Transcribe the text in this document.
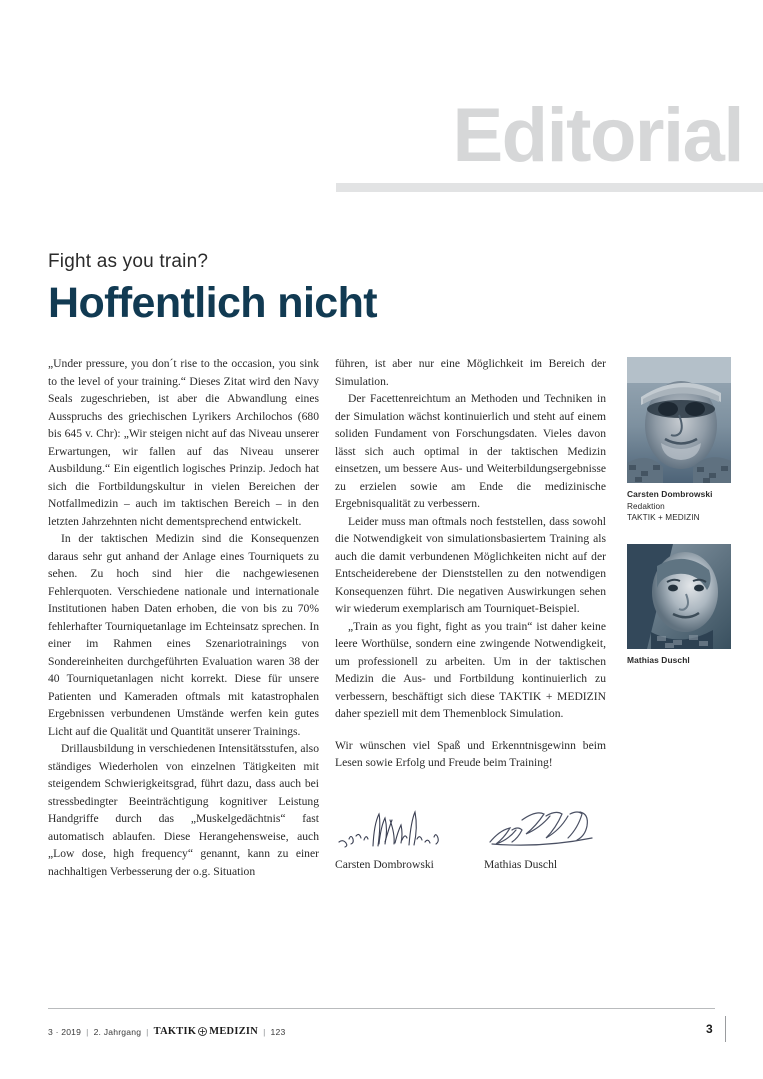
Editorial
Fight as you train?
Hoffentlich nicht

„Under pressure, you don´t rise to the occasion, you sink to the level of your training.“ Dieses Zitat wird den Navy Seals zugeschrieben, ist aber die Abwandlung eines Ausspruchs des griechischen Lyrikers Archilochos (680 bis 645 v. Chr): „Wir steigen nicht auf das Niveau unserer Erwartungen, wir fallen auf das Niveau unserer Ausbildung.“ Ein eigentlich logisches Prinzip. Jedoch hat sich die Fortbildungskultur in vielen Bereichen der Notfallmedizin – auch im taktischen Bereich – in den letzten Jahrzehnten nicht dementsprechend entwickelt.

In der taktischen Medizin sind die Konsequenzen daraus sehr gut anhand der Anlage eines Tourniquets zu sehen. Zu hoch sind hier die nachgewiesenen Fehlerquoten. Verschiedene nationale und internationale Institutionen haben Daten erhoben, die von bis zu 70% fehlerhafter Tourniquetanlage im Echteinsatz sprechen. In einer im Rahmen eines Szenariotrainings von Sondereinheiten durchgeführten Evaluation waren 38 der 40 Tourniquetanlagen nicht korrekt. Diese für unsere Patienten und Kameraden oftmals mit katastrophalen Ergebnissen verbundenen Umstände werfen kein gutes Licht auf die Qualität und Quantität unserer Trainings.

Drillausbildung in verschiedenen Intensitätsstufen, also ständiges Wiederholen von einzelnen Tätigkeiten mit steigendem Schwierigkeitsgrad, führt dazu, dass auch bei stressbedingter Beeinträchtigung kognitiver Leistung Handgriffe durch das „Muskelgedächtnis“ fast automatisch ablaufen. Diese Herangehensweise, auch „Low dose, high frequency“ genannt, kann zu einer nachhaltigen Verbesserung der o.g. Situation

führen, ist aber nur eine Möglichkeit im Bereich der Simulation.

Der Facettenreichtum an Methoden und Techniken in der Simulation wächst kontinuierlich und steht auf einem soliden Fundament von Forschungsdaten. Vieles davon lässt sich auch optimal in der taktischen Medizin einsetzen, um bessere Aus- und Weiterbildungsergebnisse zu erzielen sowie am Ende die medizinische Ergebnisqualität zu verbessern.

Leider muss man oftmals noch feststellen, dass sowohl die Notwendigkeit von simulationsbasiertem Training als auch die damit verbundenen Möglichkeiten nicht auf der Entscheiderebene der Dienststellen zu den notwendigen Konsequenzen führt. Die negativen Auswirkungen sehen wir wiederum exemplarisch am Tourniquet-Beispiel.

„Train as you fight, fight as you train“ ist daher keine leere Worthülse, sondern eine zwingende Notwendigkeit, um professionell zu arbeiten. Um in der taktischen Medizin die Aus- und Fortbildung kontinuierlich zu verbessern, beschäftigt sich diese TAKTIK + MEDIZIN daher speziell mit dem Themenblock Simulation.

Wir wünschen viel Spaß und Erkenntnisgewinn beim Lesen sowie Erfolg und Freude beim Training!

Carsten Dombrowski
Redaktion
TAKTIK + MEDIZIN
Mathias Duschl
Carsten Dombrowski	Mathias Duschl
3 · 2019 | 2. Jahrgang | TAKTIK MEDIZIN | 123	3
